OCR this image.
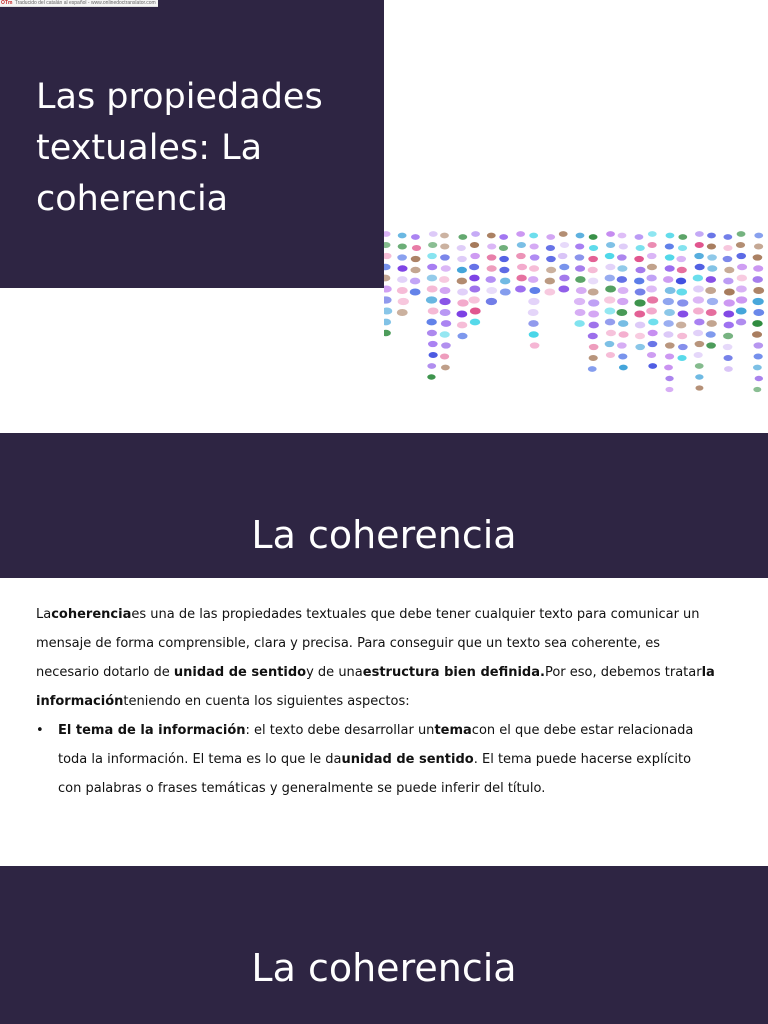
OTm Traducido del catalán al español - www.onlinedoctranslator.com
Las propiedades textuales: La coherencia
La coherencia

Lacoherenciaes una de las propiedades textuales que debe tener cualquier texto para comunicar un mensaje de forma comprensible, clara y precisa. Para conseguir que un texto sea coherente, es necesario dotarlo de unidad de sentidoy de unaestructura bien definida.Por eso, debemos tratarla informaciónteniendo en cuenta los siguientes aspectos:

• El tema de la información: el texto debe desarrollar untemacon el que debe estar relacionada toda la información. El tema es lo que le daunidad de sentido. El tema puede hacerse explícito con palabras o frases temáticas y generalmente se puede inferir del título.

La coherencia
